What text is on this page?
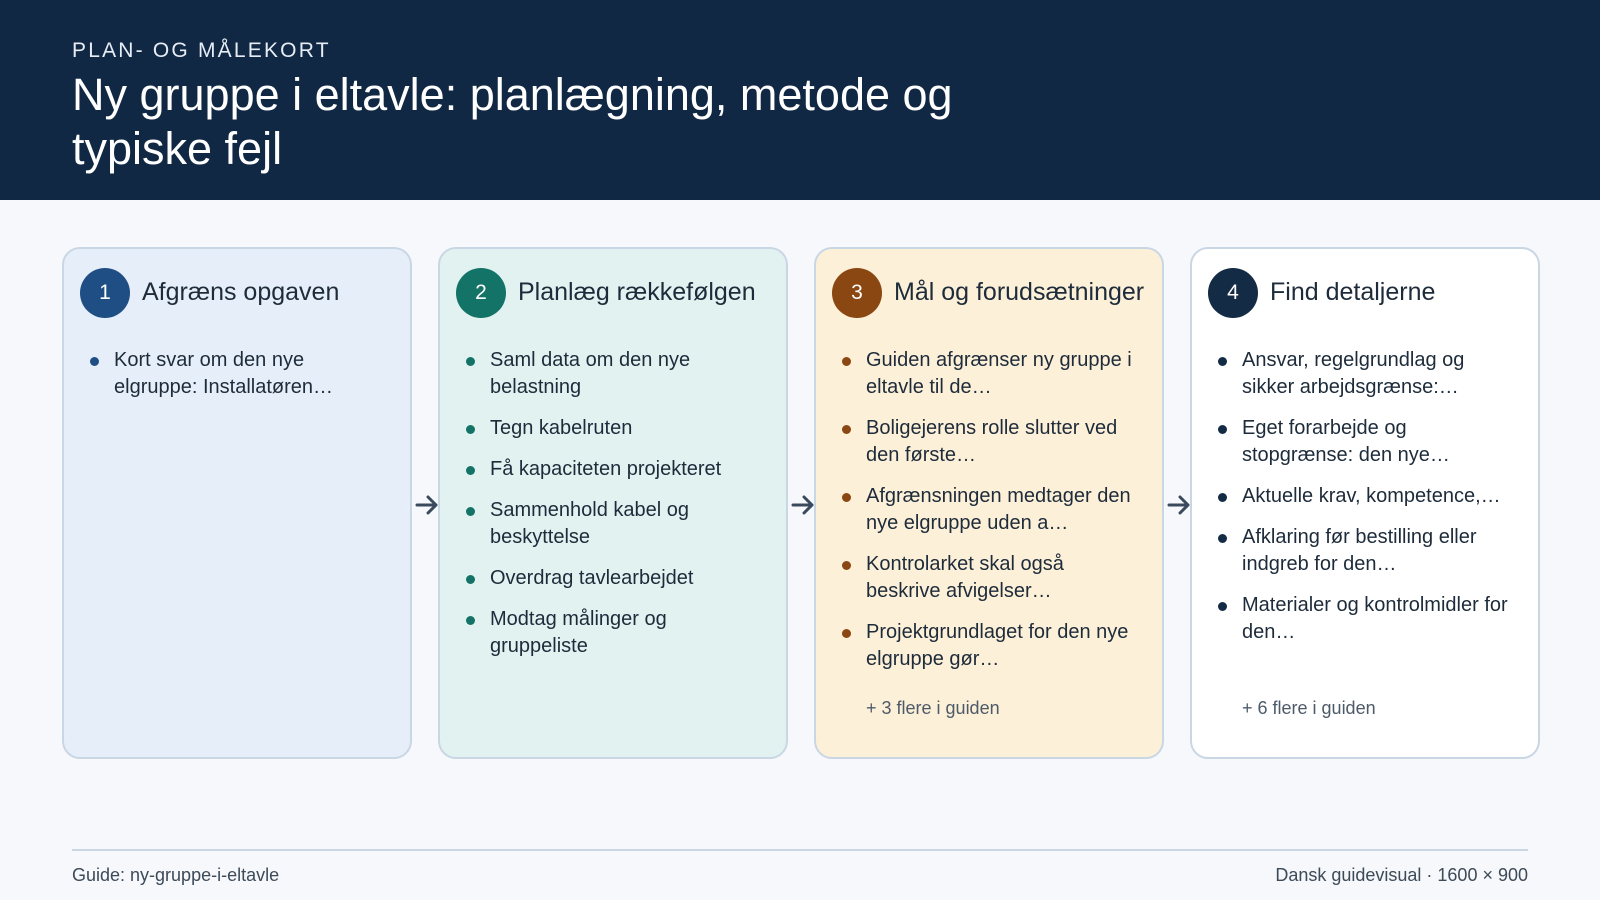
PLAN- OG MÅLEKORT
Ny gruppe i eltavle: planlægning, metode og typiske fejl
1	Afgræns opgaven
Kort svar om den nye elgruppe: Installatøren…
2	Planlæg rækkefølgen
Saml data om den nye belastning
Tegn kabelruten
Få kapaciteten projekteret
Sammenhold kabel og beskyttelse
Overdrag tavlearbejdet
Modtag målinger og gruppeliste
3	Mål og forudsætninger
Guiden afgrænser ny gruppe i eltavle til de…
Boligejerens rolle slutter ved den første…
Afgrænsningen medtager den nye elgruppe uden a…
Kontrolarket skal også beskrive afvigelser…
Projektgrundlaget for den nye elgruppe gør…
+ 3 flere i guiden
4	Find detaljerne
Ansvar, regelgrundlag og sikker arbejdsgrænse:…
Eget forarbejde og stopgrænse: den nye…
Aktuelle krav, kompetence,…
Afklaring før bestilling eller indgreb for den…
Materialer og kontrolmidler for den…
+ 6 flere i guiden
Guide: ny-gruppe-i-eltavle	Dansk guidevisual · 1600 × 900
